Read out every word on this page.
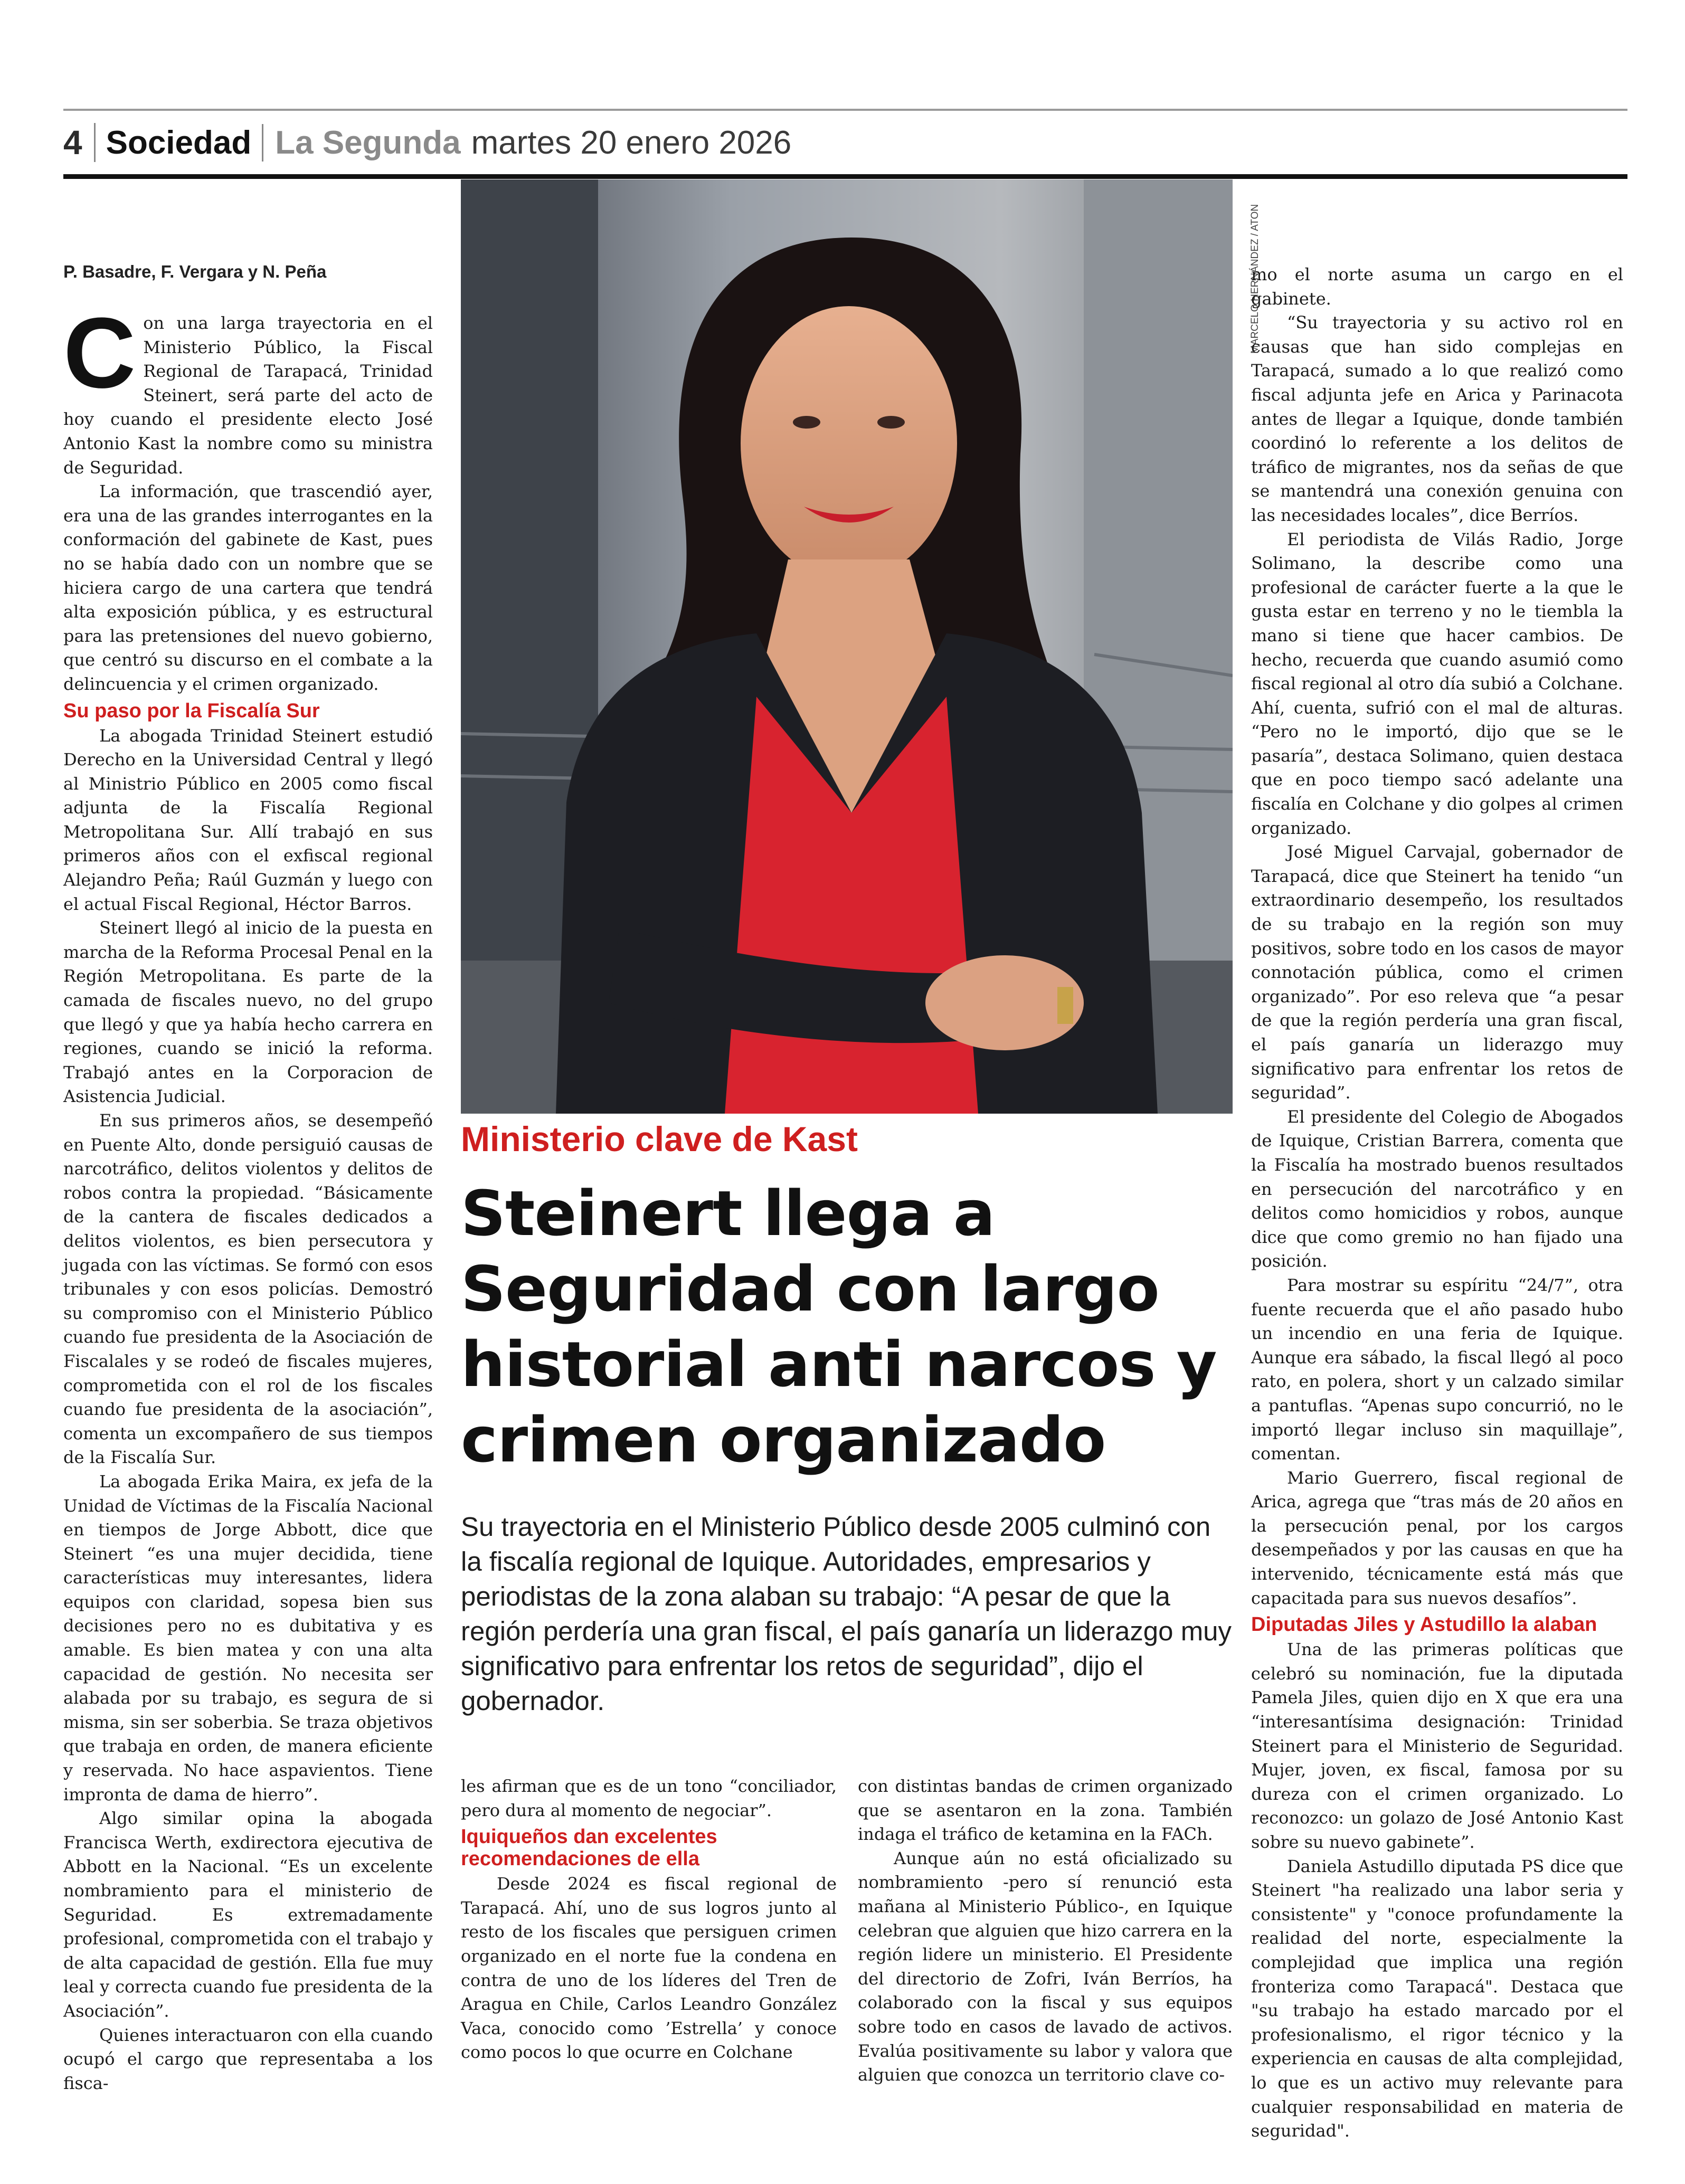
4 Sociedad La Segunda martes 20 enero 2026
P. Basadre, F. Vergara y N. Peña

Con una larga trayectoria en el Ministerio Público, la Fiscal Regional de Tarapacá, Trinidad Steinert, será parte del acto de hoy cuando el presidente electo José Antonio Kast la nombre como su ministra de Seguridad.

La información, que trascendió ayer, era una de las grandes interrogantes en la conformación del gabinete de Kast, pues no se había dado con un nombre que se hiciera cargo de una cartera que tendrá alta exposición pública, y es estructural para las pretensiones del nuevo gobierno, que centró su discurso en el combate a la delincuencia y el crimen organizado.

Su paso por la Fiscalía Sur

La abogada Trinidad Steinert estudió Derecho en la Universidad Central y llegó al Ministrio Público en 2005 como fiscal adjunta de la Fiscalía Regional Metropolitana Sur. Allí trabajó en sus primeros años con el exfiscal regional Alejandro Peña; Raúl Guzmán y luego con el actual Fiscal Regional, Héctor Barros.

Steinert llegó al inicio de la puesta en marcha de la Reforma Procesal Penal en la Región Metropolitana. Es parte de la camada de fiscales nuevo, no del grupo que llegó y que ya había hecho carrera en regiones, cuando se inició la reforma. Trabajó antes en la Corporacion de Asistencia Judicial.

En sus primeros años, se desempeñó en Puente Alto, donde persiguió causas de narcotráfico, delitos violentos y delitos de robos contra la propiedad. “Básicamente de la cantera de fiscales dedicados a delitos violentos, es bien persecutora y jugada con las víctimas. Se formó con esos tribunales y con esos policías. Demostró su compromiso con el Ministerio Público cuando fue presidenta de la Asociación de Fiscalales y se rodeó de fiscales mujeres, comprometida con el rol de los fiscales cuando fue presidenta de la asociación”, comenta un excompañero de sus tiempos de la Fiscalía Sur.

La abogada Erika Maira, ex jefa de la Unidad de Víctimas de la Fiscalía Nacional en tiempos de Jorge Abbott, dice que Steinert “es una mujer decidida, tiene características muy interesantes, lidera equipos con claridad, sopesa bien sus decisiones pero no es dubitativa y es amable. Es bien matea y con una alta capacidad de gestión. No necesita ser alabada por su trabajo, es segura de si misma, sin ser soberbia. Se traza objetivos que trabaja en orden, de manera eficiente y reservada. No hace aspavientos. Tiene impronta de dama de hierro”.

Algo similar opina la abogada Francisca Werth, exdirectora ejecutiva de Abbott en la Nacional. “Es un excelente nombramiento para el ministerio de Seguridad. Es extremadamente profesional, comprometida con el trabajo y de alta capacidad de gestión. Ella fue muy leal y correcta cuando fue presidenta de la Asociación”.

Quienes interactuaron con ella cuando ocupó el cargo que representaba a los fisca-

MARCELO HERNÁNDEZ / ATON
Ministerio clave de Kast
Steinert llega a Seguridad con largo historial anti narcos y crimen organizado

Su trayectoria en el Ministerio Público desde 2005 culminó con la fiscalía regional de Iquique. Autoridades, empresarios y periodistas de la zona alaban su trabajo: “A pesar de que la región perdería una gran fiscal, el país ganaría un liderazgo muy significativo para enfrentar los retos de seguridad”, dijo el gobernador.

les afirman que es de un tono “conciliador, pero dura al momento de negociar”.

Iquiqueños dan excelentes recomendaciones de ella

Desde 2024 es fiscal regional de Tarapacá. Ahí, uno de sus logros junto al resto de los fiscales que persiguen crimen organizado en el norte fue la condena en contra de uno de los líderes del Tren de Aragua en Chile, Carlos Leandro González Vaca, conocido como ’Estrella’ y conoce como pocos lo que ocurre en Colchane

con distintas bandas de crimen organizado que se asentaron en la zona. También indaga el tráfico de ketamina en la FACh.

Aunque aún no está oficializado su nombramiento -pero sí renunció esta mañana al Ministerio Público-, en Iquique celebran que alguien que hizo carrera en la región lidere un ministerio. El Presidente del directorio de Zofri, Iván Berríos, ha colaborado con la fiscal y sus equipos sobre todo en casos de lavado de activos. Evalúa positivamente su labor y valora que alguien que conozca un territorio clave co-

mo el norte asuma un cargo en el gabinete.

“Su trayectoria y su activo rol en causas que han sido complejas en Tarapacá, sumado a lo que realizó como fiscal adjunta jefe en Arica y Parinacota antes de llegar a Iquique, donde también coordinó lo referente a los delitos de tráfico de migrantes, nos da señas de que se mantendrá una conexión genuina con las necesidades locales”, dice Berríos.

El periodista de Vilás Radio, Jorge Solimano, la describe como una profesional de carácter fuerte a la que le gusta estar en terreno y no le tiembla la mano si tiene que hacer cambios. De hecho, recuerda que cuando asumió como fiscal regional al otro día subió a Colchane. Ahí, cuenta, sufrió con el mal de alturas. “Pero no le importó, dijo que se le pasaría”, destaca Solimano, quien destaca que en poco tiempo sacó adelante una fiscalía en Colchane y dio golpes al crimen organizado.

José Miguel Carvajal, gobernador de Tarapacá, dice que Steinert ha tenido “un extraordinario desempeño, los resultados de su trabajo en la región son muy positivos, sobre todo en los casos de mayor connotación pública, como el crimen organizado”. Por eso releva que “a pesar de que la región perdería una gran fiscal, el país ganaría un liderazgo muy significativo para enfrentar los retos de seguridad”.

El presidente del Colegio de Abogados de Iquique, Cristian Barrera, comenta que la Fiscalía ha mostrado buenos resultados en persecución del narcotráfico y en delitos como homicidios y robos, aunque dice que como gremio no han fijado una posición.

Para mostrar su espíritu “24/7”, otra fuente recuerda que el año pasado hubo un incendio en una feria de Iquique. Aunque era sábado, la fiscal llegó al poco rato, en polera, short y un calzado similar a pantuflas. “Apenas supo concurrió, no le importó llegar incluso sin maquillaje”, comentan.

Mario Guerrero, fiscal regional de Arica, agrega que “tras más de 20 años en la persecución penal, por los cargos desempeñados y por las causas en que ha intervenido, técnicamente está más que capacitada para sus nuevos desafíos”.

Diputadas Jiles y Astudillo la alaban

Una de las primeras políticas que celebró su nominación, fue la diputada Pamela Jiles, quien dijo en X que era una “interesantísima designación: Trinidad Steinert para el Ministerio de Seguridad. Mujer, joven, ex fiscal, famosa por su dureza con el crimen organizado. Lo reconozco: un golazo de José Antonio Kast sobre su nuevo gabinete”.

Daniela Astudillo diputada PS dice que Steinert "ha realizado una labor seria y consistente" y "conoce profundamente la realidad del norte, especialmente la complejidad que implica una región fronteriza como Tarapacá". Destaca que "su trabajo ha estado marcado por el profesionalismo, el rigor técnico y la experiencia en causas de alta complejidad, lo que es un activo muy relevante para cualquier responsabilidad en materia de seguridad".
